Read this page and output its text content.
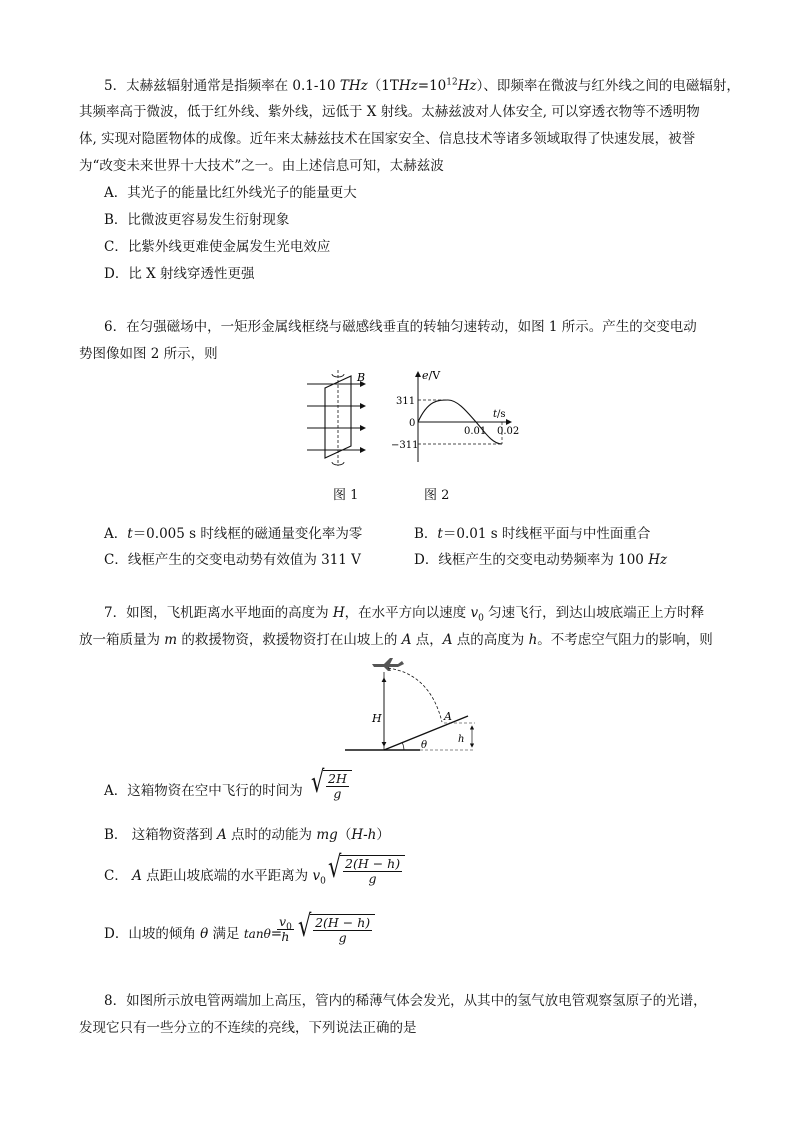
5．太赫兹辐射通常是指频率在 0.1-10 $THz(1THz=10^{12}Hz)$、即频率在微波与红外线之间的电磁辐射，
其频率高于微波，低于红外线、紫外线，远低于 X 射线。太赫兹波对人体安全, 可以穿透衣物等不透明物
体, 实现对隐匿物体的成像。近年来太赫兹技术在国家安全、信息技术等诸多领域取得了快速发展，被誉
为“改变未来世界十大技术”之一。由上述信息可知，太赫兹波
A．其光子的能量比红外线光子的能量更大
B．比微波更容易发生衍射现象
C．比紫外线更难使金属发生光电效应
D．比 X 射线穿透性更强
6．在匀强磁场中，一矩形金属线框绕与磁感线垂直的转轴匀速转动，如图 1 所示。产生的交变电动
势图像如图 2 所示，则
B	e/V
t/s
311
0
−311
0.01 0.02
图 1	图 2
A．t＝0.005 s 时线框的磁通量变化率为零	B．t＝0.01 s 时线框平面与中性面重合
C．线框产生的交变电动势有效值为 311 V	D．线框产生的交变电动势频率为 100 Hz
7．如图，飞机距离水平地面的高度为 H，在水平方向以速度 $v_0$ 匀速飞行，到达山坡底端正上方时释
放一箱质量为 m 的救援物资，救援物资打在山坡上的 A 点，A 点的高度为 h。不考虑空气阻力的影响，则
H
θ
A
h
A．这箱物资在空中飞行的时间为 √ $\frac{2H}{g}$
B． 这箱物资落到 A 点时的动能为 mg（H-h）
C． A 点距山坡底端的水平距离为 $v_0$ √ $\frac{2(H - h)}{g}$
D．山坡的倾角 θ 满足 tanθ=
$\frac{v_0}{h}$
√ $\frac{2(H - h)}{g}$
8．如图所示放电管两端加上高压，管内的稀薄气体会发光，从其中的氢气放电管观察氢原子的光谱，
发现它只有一些分立的不连续的亮线，下列说法正确的是
